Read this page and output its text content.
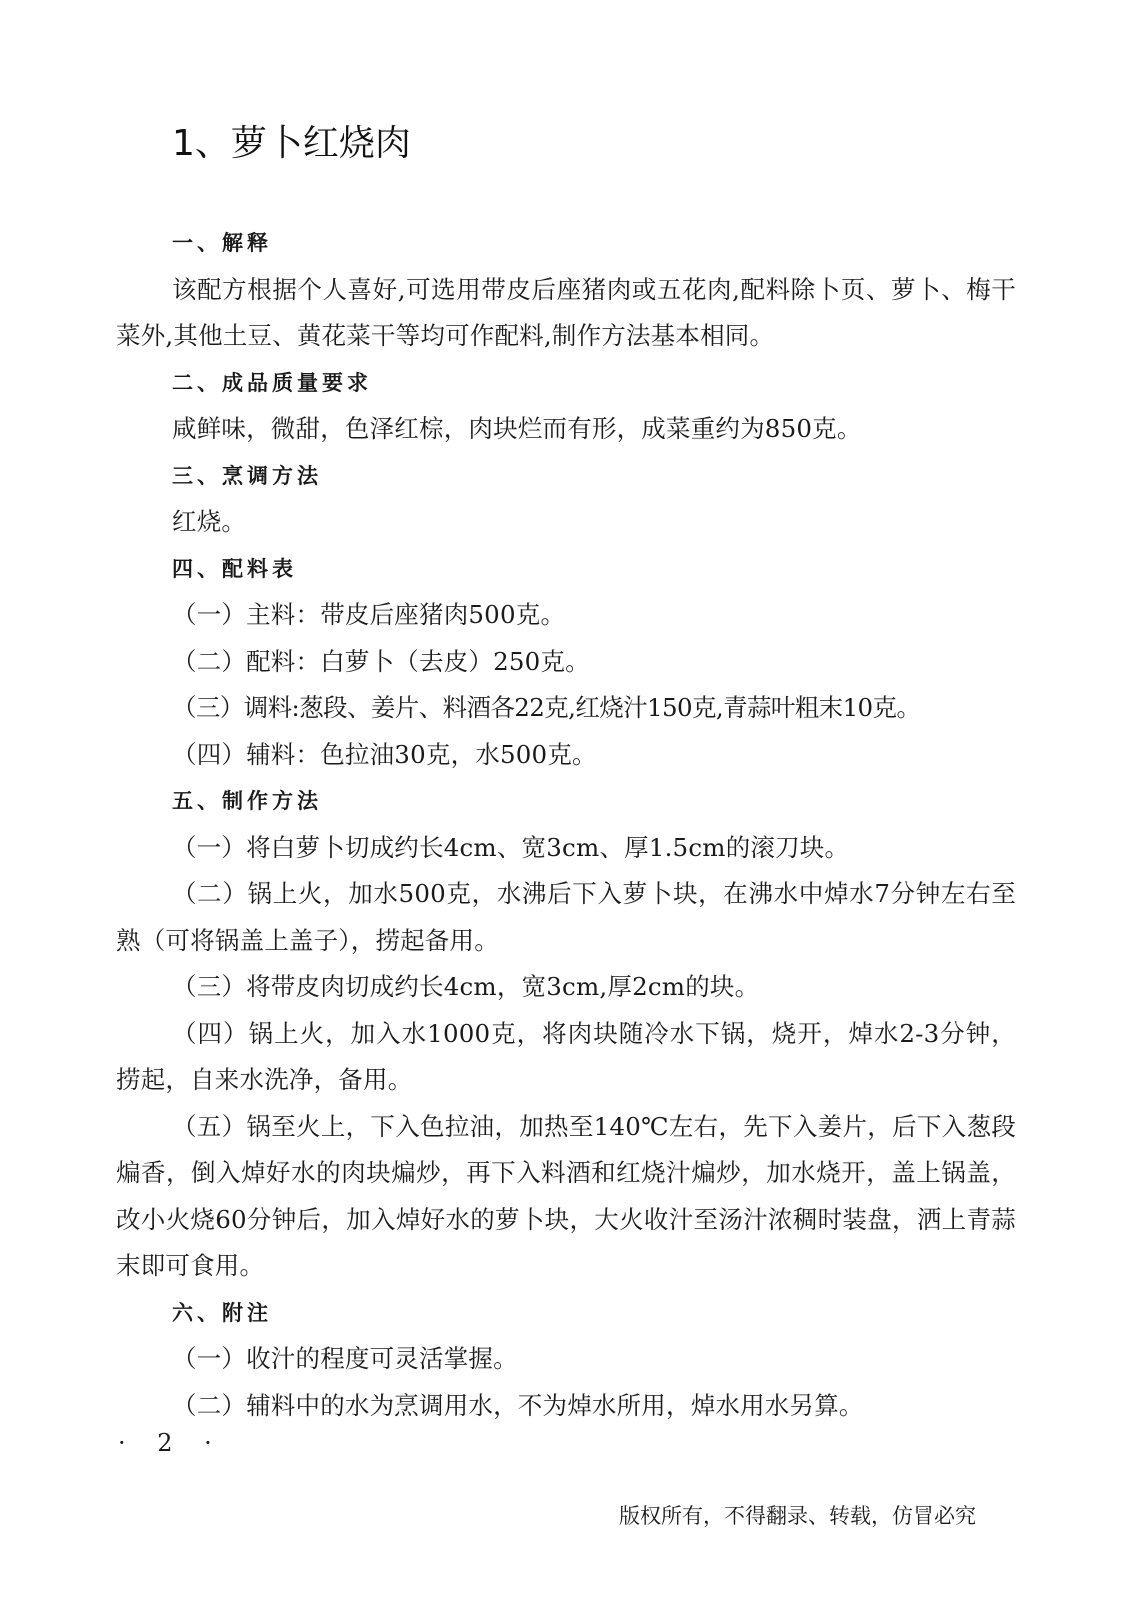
1、萝卜红烧肉
一、解释
该配方根据个人喜好,可选用带皮后座猪肉或五花肉,配料除卜页、萝卜、梅干菜外,其他土豆、黄花菜干等均可作配料,制作方法基本相同。
二、成品质量要求
咸鲜味，微甜，色泽红棕，肉块烂而有形，成菜重约为850克。
三、烹调方法
红烧。
四、配料表
（一）主料：带皮后座猪肉500克。
（二）配料：白萝卜（去皮）250克。
（三）调料:葱段、姜片、料酒各22克,红烧汁150克,青蒜叶粗末10克。
（四）辅料：色拉油30克，水500克。
五、制作方法
（一）将白萝卜切成约长4cm、宽3cm、厚1.5cm的滚刀块。
（二）锅上火，加水500克，水沸后下入萝卜块，在沸水中焯水7分钟左右至熟（可将锅盖上盖子），捞起备用。
（三）将带皮肉切成约长4cm，宽3cm,厚2cm的块。
（四）锅上火，加入水1000克，将肉块随冷水下锅，烧开，焯水2-3分钟，捞起，自来水洗净，备用。
（五）锅至火上，下入色拉油，加热至140℃左右，先下入姜片，后下入葱段煸香，倒入焯好水的肉块煸炒，再下入料酒和红烧汁煸炒，加水烧开，盖上锅盖，改小火烧60分钟后，加入焯好水的萝卜块，大火收汁至汤汁浓稠时装盘，洒上青蒜末即可食用。
六、附注
（一）收汁的程度可灵活掌握。
（二）辅料中的水为烹调用水，不为焯水所用，焯水用水另算。
· 2 ·
版权所有，不得翻录、转载，仿冒必究
